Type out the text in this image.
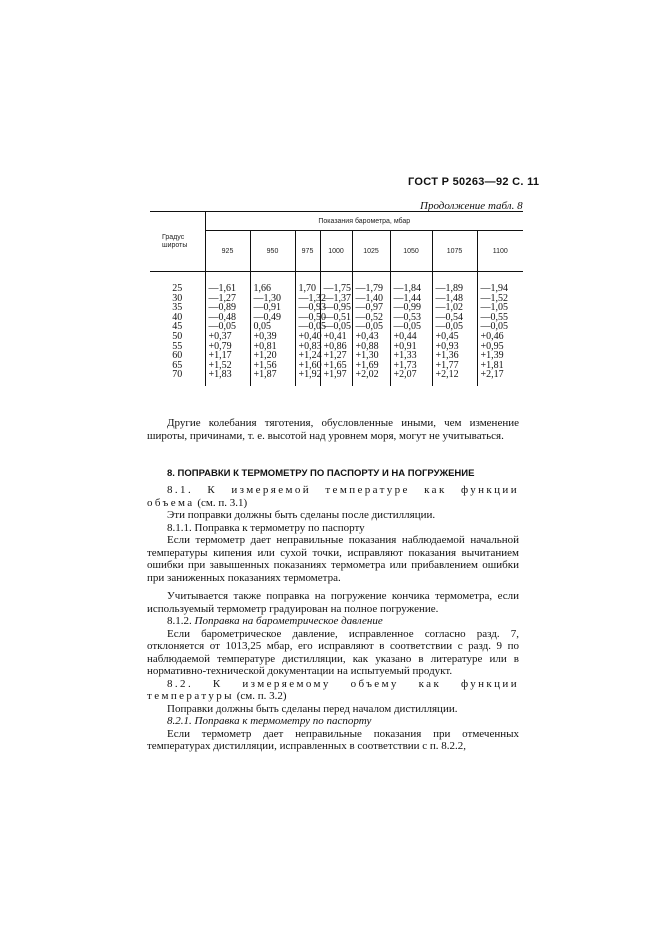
ГОСТ Р 50263—92 С. 11
Продолжение табл. 8
Градус широты	Показания барометра, мбар							
	925	950	975	1000	1025	1050	1075	1100

25	—1,61	1,66	1,70	—1,75	—1,79	—1,84	—1,89	—1,94
30	—1,27	—1,30	—1,32	—1,37	—1,40	—1,44	—1,48	—1,52
35	—0,89	—0,91	—0,93	—0,95	—0,97	—0,99	—1,02	—1,05
40	—0,48	—0,49	—0,50	—0,51	—0,52	—0,53	—0,54	—0,55
45	—0,05	0,05	—0,05	—0,05	—0,05	—0,05	—0,05	—0,05
50	+0,37	+0,39	+0,40	+0,41	+0,43	+0,44	+0,45	+0,46
55	+0,79	+0,81	+0,83	+0,86	+0,88	+0,91	+0,93	+0,95
60	+1,17	+1,20	+1,24	+1,27	+1,30	+1,33	+1,36	+1,39
65	+1,52	+1,56	+1,60	+1,65	+1,69	+1,73	+1,77	+1,81
70	+1,83	+1,87	+1,92	+1,97	+2,02	+2,07	+2,12	+2,17

Другие колебания тяготения, обусловленные иными, чем изменение широты, причинами, т. е. высотой над уровнем моря, могут не учитываться.

8. ПОПРАВКИ К ТЕРМОМЕТРУ ПО ПАСПОРТУ И НА ПОГРУЖЕНИЕ

8.1. К измеряемой температуре как функции объема (см. п. 3.1)

Эти поправки должны быть сделаны после дистилляции.

8.1.1. Поправка к термометру по паспорту

Если термометр дает неправильные показания наблюдаемой начальной температуры кипения или сухой точки, исправляют показания вычитанием ошибки при завышенных показаниях термометра или прибавлением ошибки при заниженных показаниях термометра.

Учитывается также поправка на погружение кончика термометра, если используемый термометр градуирован на полное погружение.

8.1.2. Поправка на барометрическое давление

Если барометрическое давление, исправленное согласно разд. 7, отклоняется от 1013,25 мбар, его исправляют в соответствии с разд. 9 по наблюдаемой температуре дистилляции, как указано в литературе или в нормативно-технической документации на испытуемый продукт.

8.2. К измеряемому объему как функции температуры (см. п. 3.2)

Поправки должны быть сделаны перед началом дистилляции.

8.2.1. Поправка к термометру по паспорту

Если термометр дает неправильные показания при отмеченных температурах дистилляции, исправленных в соответствии с п. 8.2.2,
